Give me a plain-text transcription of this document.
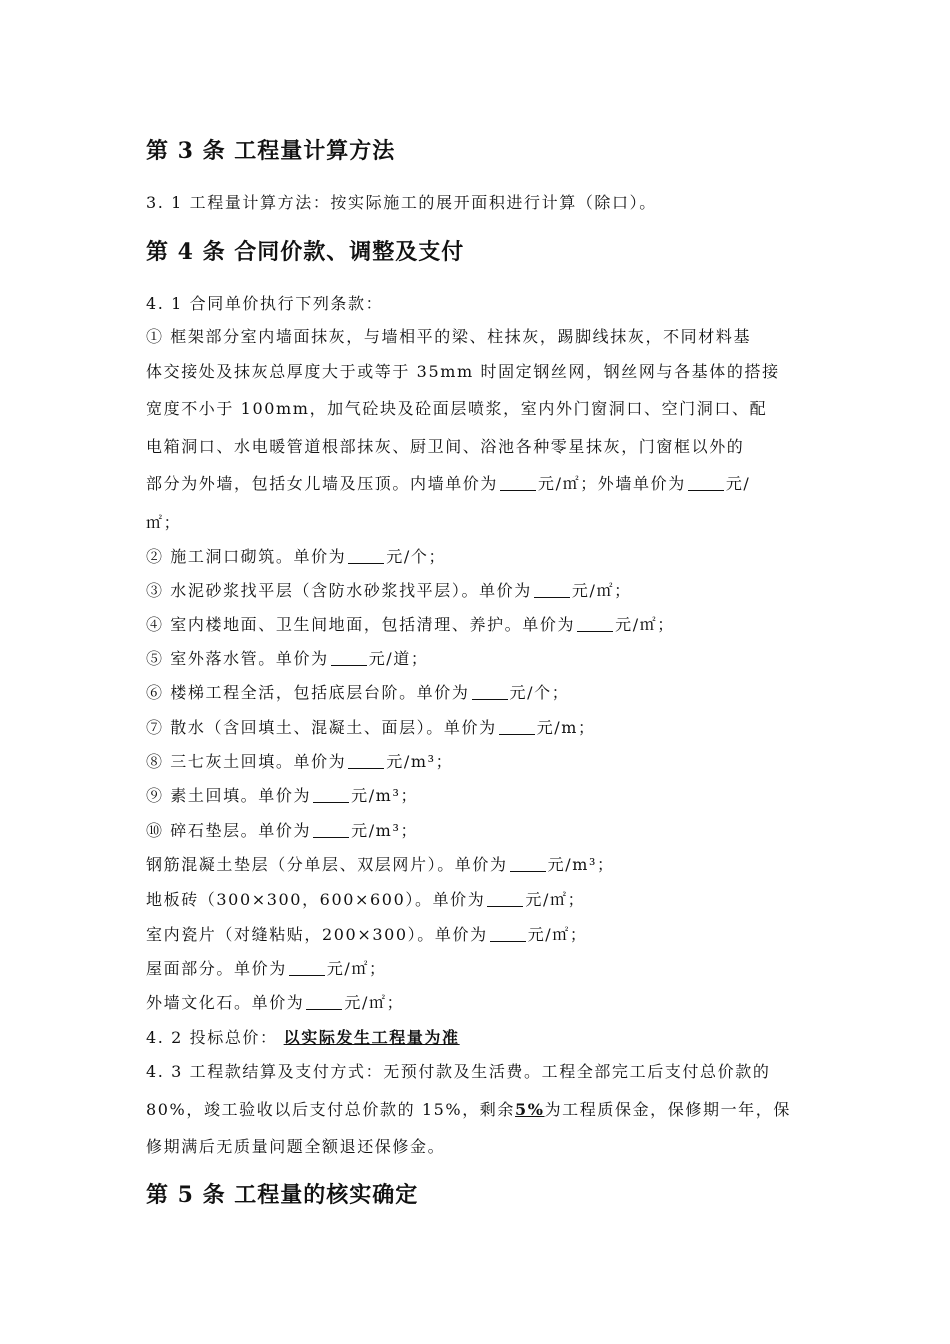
第 3 条 工程量计算方法
3. 1 工程量计算方法：按实际施工的展开面积进行计算（除口）。
第 4 条 合同价款、调整及支付
4. 1 合同单价执行下列条款：
① 框架部分室内墙面抹灰，与墙相平的梁、柱抹灰，踢脚线抹灰，不同材料基
体交接处及抹灰总厚度大于或等于 35mm 时固定钢丝网，钢丝网与各基体的搭接
宽度不小于 100mm，加气砼块及砼面层喷浆，室内外门窗洞口、空门洞口、配
电箱洞口、水电暖管道根部抹灰、厨卫间、浴池各种零星抹灰，门窗框以外的
部分为外墙，包括女儿墙及压顶。内墙单价为	元/㎡；外墙单价为	元/
㎡；
② 施工洞口砌筑。单价为	元/个；
③ 水泥砂浆找平层（含防水砂浆找平层）。单价为	元/㎡；
④ 室内楼地面、卫生间地面，包括清理、养护。单价为	元/㎡；
⑤ 室外落水管。单价为	元/道；
⑥ 楼梯工程全活，包括底层台阶。单价为	元/个；
⑦ 散水（含回填土、混凝土、面层）。单价为	元/m；
⑧ 三七灰土回填。单价为	元/m³；
⑨ 素土回填。单价为	元/m³；
⑩ 碎石垫层。单价为	元/m³；
钢筋混凝土垫层（分单层、双层网片）。单价为	元/m³；
地板砖（300×300，600×600）。单价为	元/㎡；
室内瓷片（对缝粘贴，200×300）。单价为	元/㎡；
屋面部分。单价为	元/㎡；
外墙文化石。单价为	元/㎡；
4. 2 投标总价： 以实际发生工程量为准
4. 3 工程款结算及支付方式：无预付款及生活费。工程全部完工后支付总价款的
80%，竣工验收以后支付总价款的 15%，剩余5%为工程质保金，保修期一年，保
修期满后无质量问题全额退还保修金。
第 5 条 工程量的核实确定
